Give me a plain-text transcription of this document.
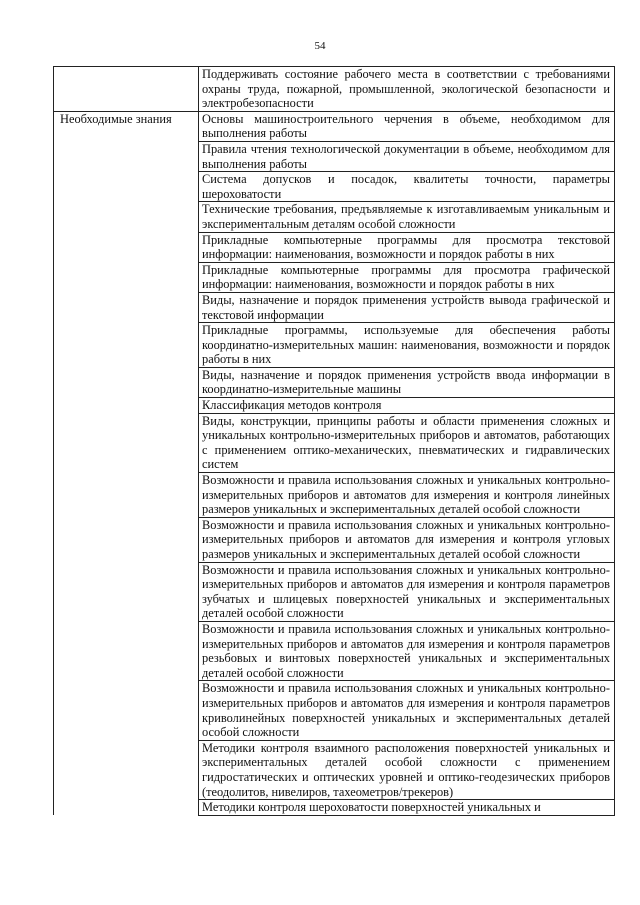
54
	Поддерживать состояние рабочего места в соответствии с требованиями охраны труда, пожарной, промышленной, экологической безопасности и электробезопасности
Необходимые знания	Основы машиностроительного черчения в объеме, необходимом для выполнения работы
	Правила чтения технологической документации в объеме, необходимом для выполнения работы
	Система допусков и посадок, квалитеты точности, параметры шероховатости
	Технические требования, предъявляемые к изготавливаемым уникальным и экспериментальным деталям особой сложности
	Прикладные компьютерные программы для просмотра текстовой информации: наименования, возможности и порядок работы в них
	Прикладные компьютерные программы для просмотра графической информации: наименования, возможности и порядок работы в них
	Виды, назначение и порядок применения устройств вывода графической и текстовой информации
	Прикладные программы, используемые для обеспечения работы координатно-измерительных машин: наименования, возможности и порядок работы в них
	Виды, назначение и порядок применения устройств ввода информации в координатно-измерительные машины
	Классификация методов контроля
	Виды, конструкции, принципы работы и области применения сложных и уникальных контрольно-измерительных приборов и автоматов, работающих с применением оптико-механических, пневматических и гидравлических систем
	Возможности и правила использования сложных и уникальных контрольно-измерительных приборов и автоматов для измерения и контроля линейных размеров уникальных и экспериментальных деталей особой сложности
	Возможности и правила использования сложных и уникальных контрольно-измерительных приборов и автоматов для измерения и контроля угловых размеров уникальных и экспериментальных деталей особой сложности
	Возможности и правила использования сложных и уникальных контрольно-измерительных приборов и автоматов для измерения и контроля параметров зубчатых и шлицевых поверхностей уникальных и экспериментальных деталей особой сложности
	Возможности и правила использования сложных и уникальных контрольно-измерительных приборов и автоматов для измерения и контроля параметров резьбовых и винтовых поверхностей уникальных и экспериментальных деталей особой сложности
	Возможности и правила использования сложных и уникальных контрольно-измерительных приборов и автоматов для измерения и контроля параметров криволинейных поверхностей уникальных и экспериментальных деталей особой сложности
	Методики контроля взаимного расположения поверхностей уникальных и экспериментальных деталей особой сложности с применением гидростатических и оптических уровней и оптико-геодезических приборов (теодолитов, нивелиров, тахеометров/трекеров)
	Методики контроля шероховатости поверхностей уникальных и
